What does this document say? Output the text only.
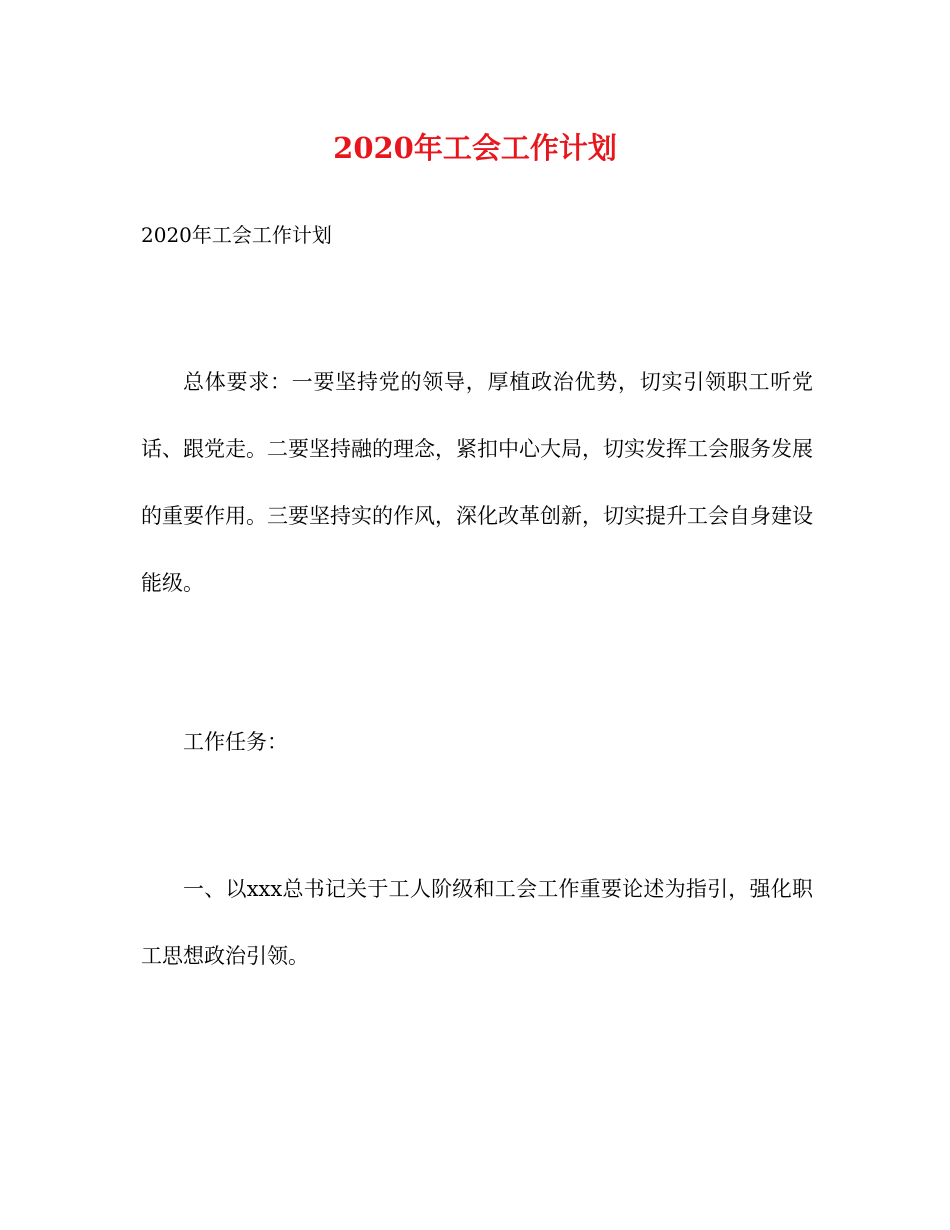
2020年工会工作计划
2020年工会工作计划

总体要求：一要坚持党的领导，厚植政治优势，切实引领职工听党话、跟党走。二要坚持融的理念，紧扣中心大局，切实发挥工会服务发展的重要作用。三要坚持实的作风，深化改革创新，切实提升工会自身建设能级。

工作任务：

一、以xxx总书记关于工人阶级和工会工作重要论述为指引，强化职工思想政治引领。
